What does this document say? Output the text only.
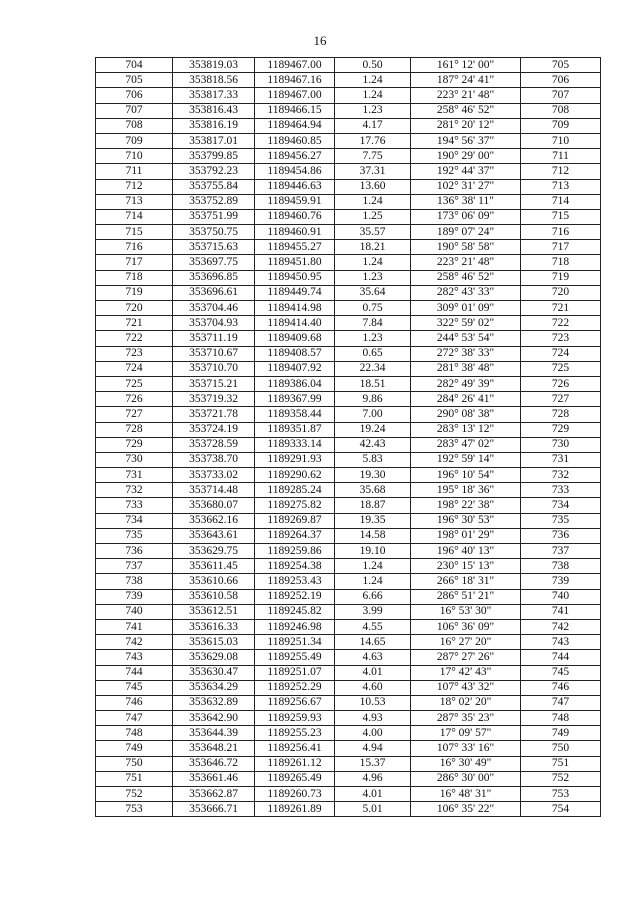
16
704	353819.03	1189467.00	0.50	161° 12' 00"	705
705	353818.56	1189467.16	1.24	187° 24' 41"	706
706	353817.33	1189467.00	1.24	223° 21' 48"	707
707	353816.43	1189466.15	1.23	258° 46' 52"	708
708	353816.19	1189464.94	4.17	281° 20' 12"	709
709	353817.01	1189460.85	17.76	194° 56' 37"	710
710	353799.85	1189456.27	7.75	190° 29' 00"	711
711	353792.23	1189454.86	37.31	192° 44' 37"	712
712	353755.84	1189446.63	13.60	102° 31' 27"	713
713	353752.89	1189459.91	1.24	136° 38' 11"	714
714	353751.99	1189460.76	1.25	173° 06' 09"	715
715	353750.75	1189460.91	35.57	189° 07' 24"	716
716	353715.63	1189455.27	18.21	190° 58' 58"	717
717	353697.75	1189451.80	1.24	223° 21' 48"	718
718	353696.85	1189450.95	1.23	258° 46' 52"	719
719	353696.61	1189449.74	35.64	282° 43' 33"	720
720	353704.46	1189414.98	0.75	309° 01' 09"	721
721	353704.93	1189414.40	7.84	322° 59' 02"	722
722	353711.19	1189409.68	1.23	244° 53' 54"	723
723	353710.67	1189408.57	0.65	272° 38' 33"	724
724	353710.70	1189407.92	22.34	281° 38' 48"	725
725	353715.21	1189386.04	18.51	282° 49' 39"	726
726	353719.32	1189367.99	9.86	284° 26' 41"	727
727	353721.78	1189358.44	7.00	290° 08' 38"	728
728	353724.19	1189351.87	19.24	283° 13' 12"	729
729	353728.59	1189333.14	42.43	283° 47' 02"	730
730	353738.70	1189291.93	5.83	192° 59' 14"	731
731	353733.02	1189290.62	19.30	196° 10' 54"	732
732	353714.48	1189285.24	35.68	195° 18' 36"	733
733	353680.07	1189275.82	18.87	198° 22' 38"	734
734	353662.16	1189269.87	19.35	196° 30' 53"	735
735	353643.61	1189264.37	14.58	198° 01' 29"	736
736	353629.75	1189259.86	19.10	196° 40' 13"	737
737	353611.45	1189254.38	1.24	230° 15' 13"	738
738	353610.66	1189253.43	1.24	266° 18' 31"	739
739	353610.58	1189252.19	6.66	286° 51' 21"	740
740	353612.51	1189245.82	3.99	16° 53' 30"	741
741	353616.33	1189246.98	4.55	106° 36' 09"	742
742	353615.03	1189251.34	14.65	16° 27' 20"	743
743	353629.08	1189255.49	4.63	287° 27' 26"	744
744	353630.47	1189251.07	4.01	17° 42' 43"	745
745	353634.29	1189252.29	4.60	107° 43' 32"	746
746	353632.89	1189256.67	10.53	18° 02' 20"	747
747	353642.90	1189259.93	4.93	287° 35' 23"	748
748	353644.39	1189255.23	4.00	17° 09' 57"	749
749	353648.21	1189256.41	4.94	107° 33' 16"	750
750	353646.72	1189261.12	15.37	16° 30' 49"	751
751	353661.46	1189265.49	4.96	286° 30' 00"	752
752	353662.87	1189260.73	4.01	16° 48' 31"	753
753	353666.71	1189261.89	5.01	106° 35' 22"	754
